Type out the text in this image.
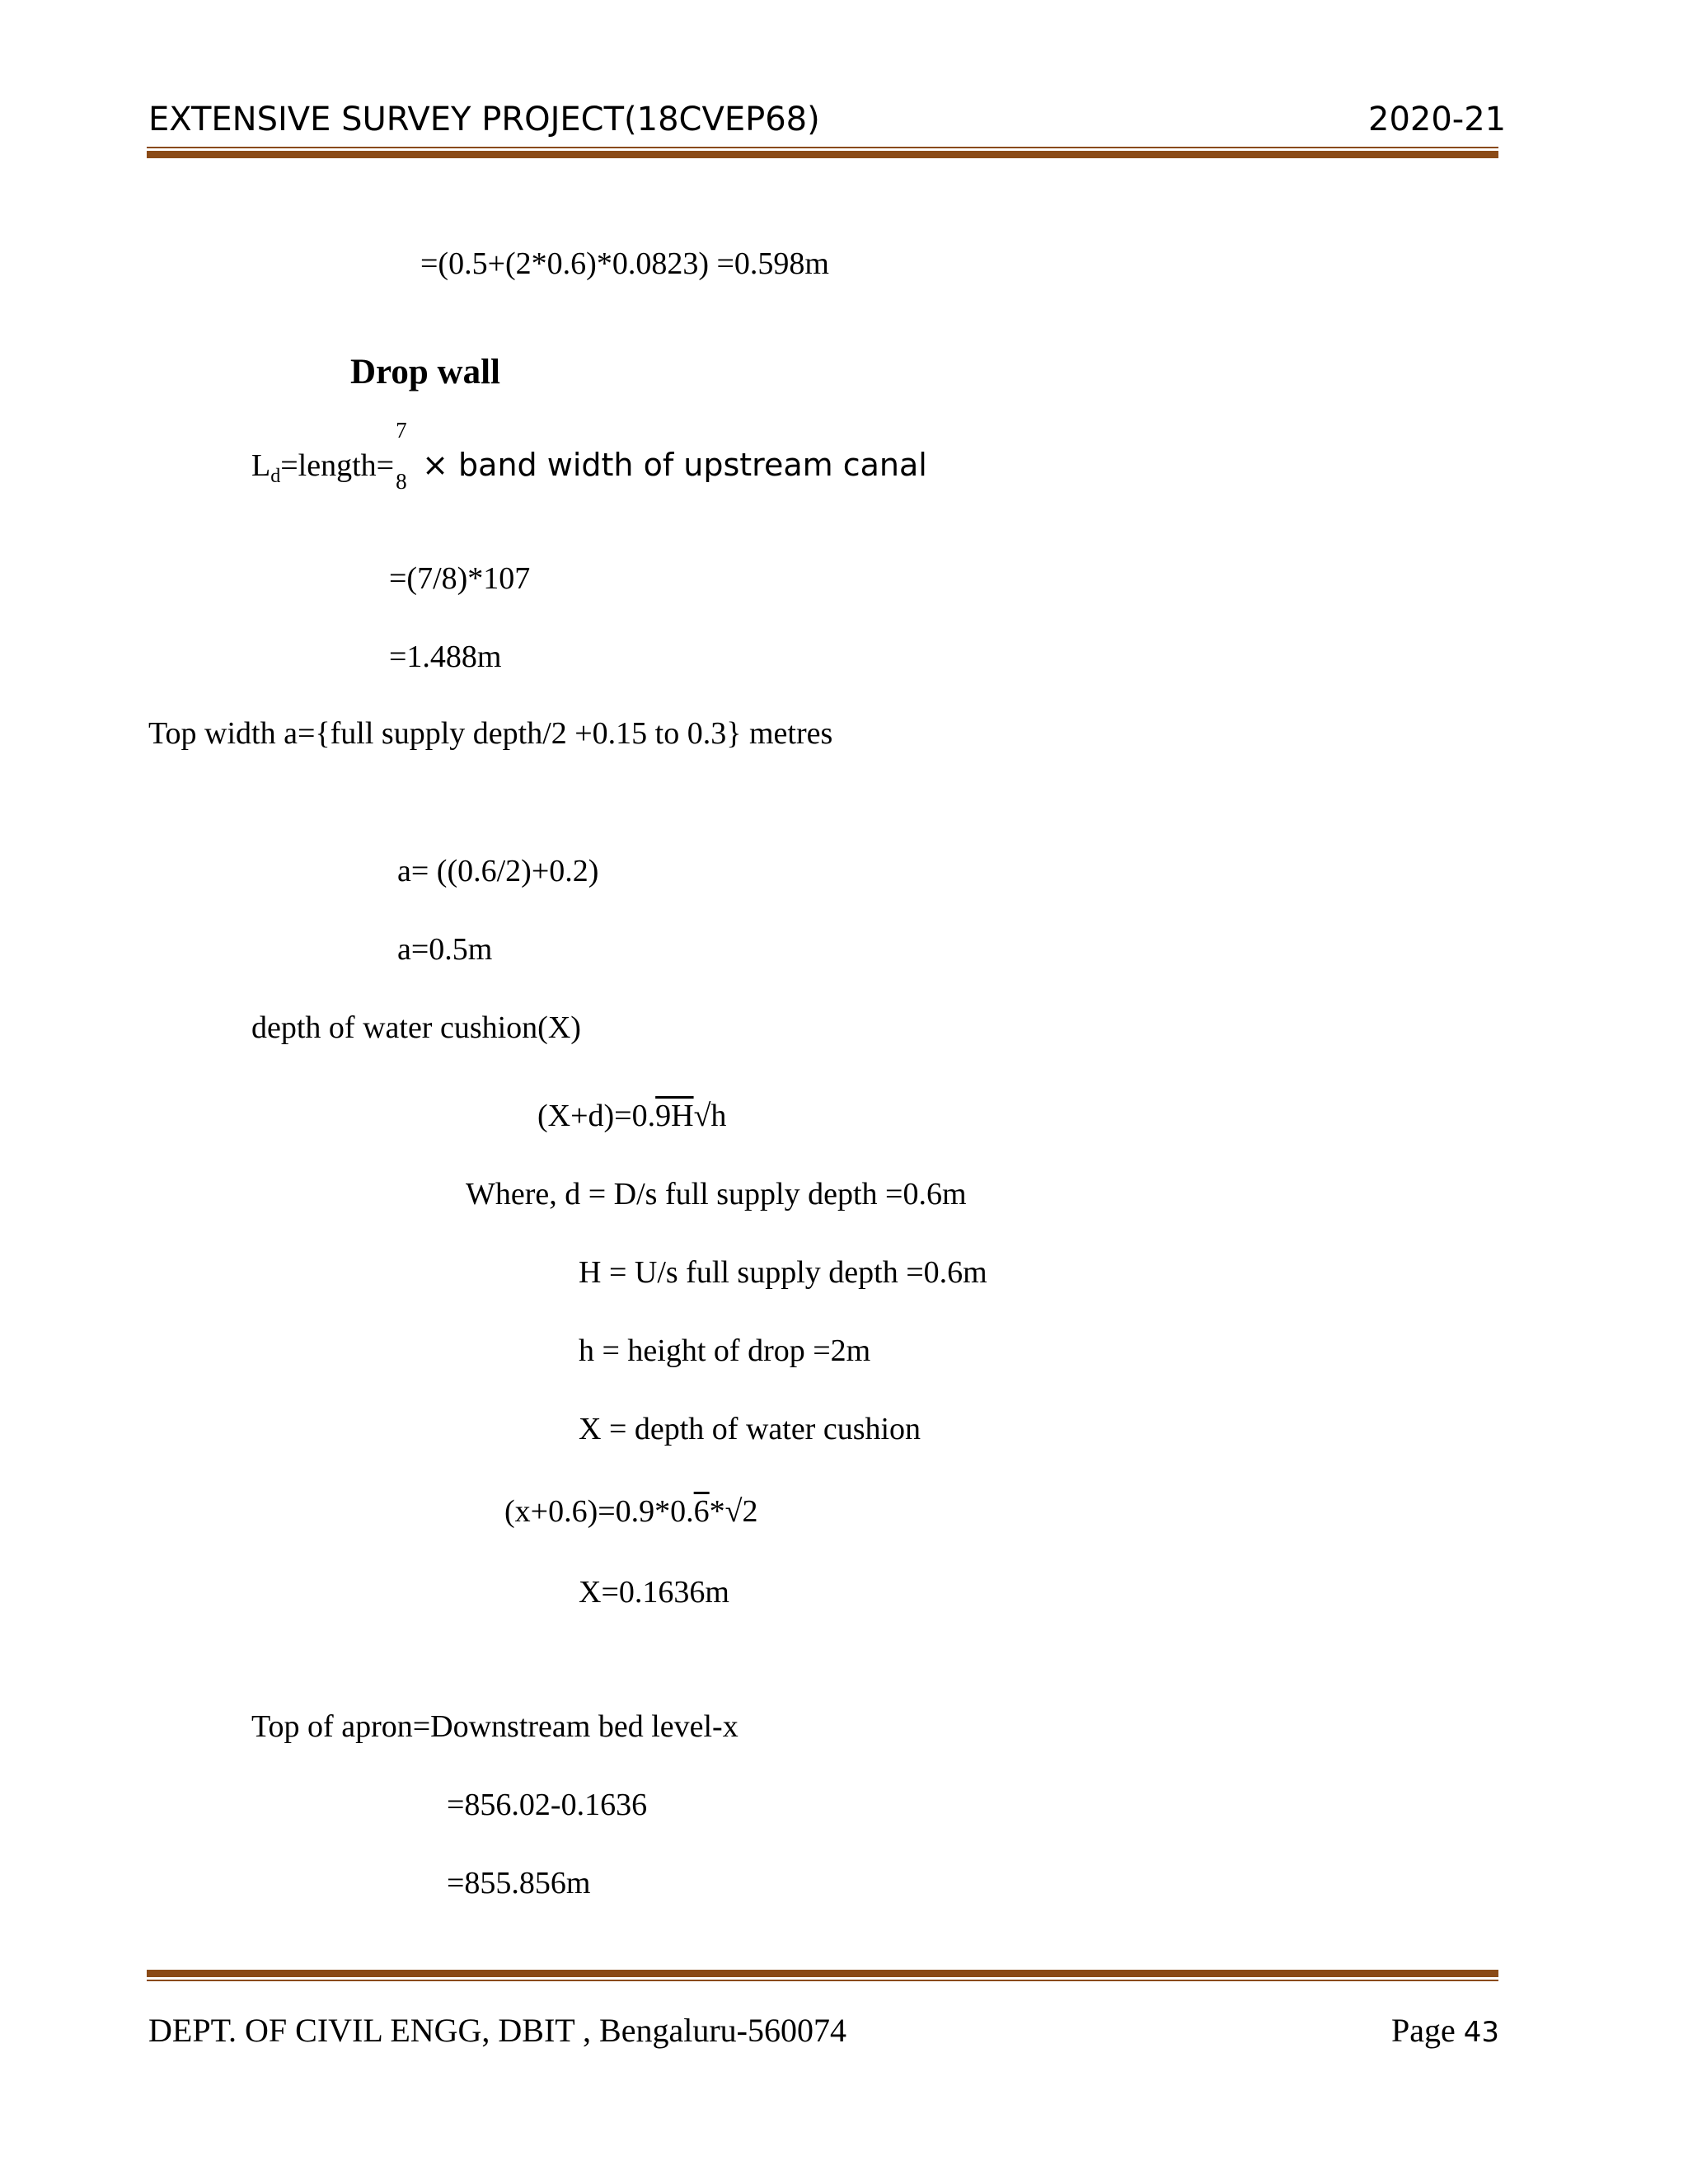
EXTENSIVE SURVEY PROJECT(18CVEP68)	2020-21
=(0.5+(2*0.6)*0.0823) =0.598m
Drop wall
$L_d=length=$
7
8 × band width of upstream canal
=(7/8)*107
=1.488m
Top width a={full supply depth/2 +0.15 to 0.3} metres
a= ((0.6/2)+0.2)
a=0.5m
depth of water cushion(X)
(X+d)=0.9H√h
Where, d = D/s full supply depth =0.6m
H = U/s full supply depth =0.6m
h = height of drop =2m
X = depth of water cushion
(x+0.6)=0.9*0.6*√2
X=0.1636m
Top of apron=Downstream bed level-x
=856.02-0.1636
=855.856m
DEPT. OF CIVIL ENGG, DBIT , Bengaluru-560074	Page 43
